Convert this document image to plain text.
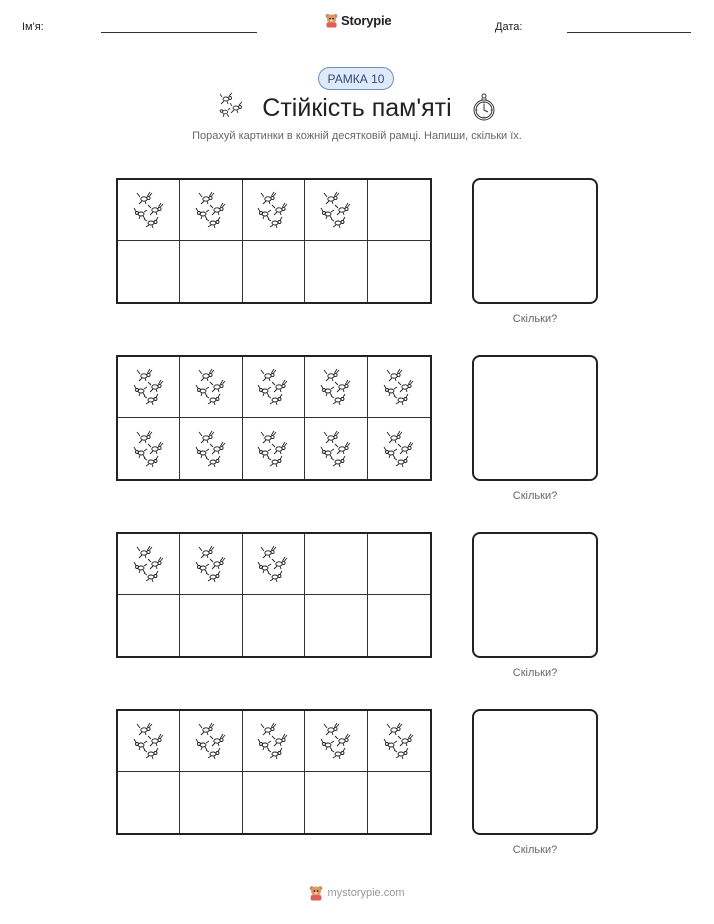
Ім'я:	Storypie	Дата:
РАМКА 10
Стійкість пам'яті
Порахуй картинки в кожній десятковій рамці. Напиши, скільки їх.
Скільки?
Скільки?
Скільки?
Скільки?
mystorypie.com
